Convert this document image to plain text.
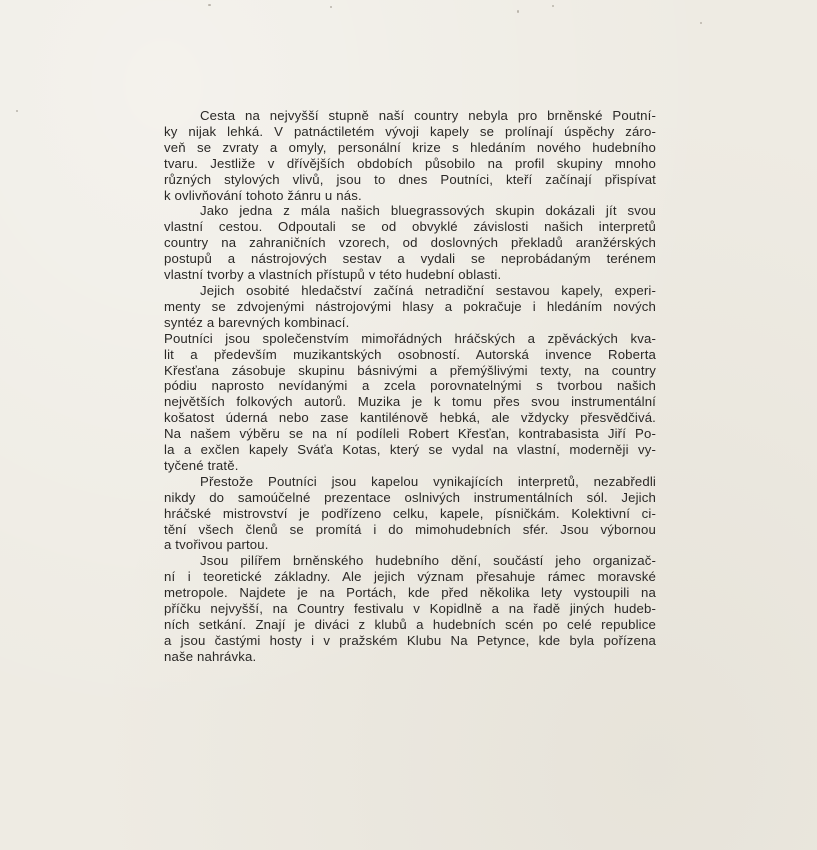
Cesta na nejvyšší stupně naší country nebyla pro brněnské Poutní-
ky nijak lehká. V patnáctiletém vývoji kapely se prolínají úspěchy záro-
veň se zvraty a omyly, personální krize s hledáním nového hudebního
tvaru. Jestliže v dřívějších obdobích působilo na profil skupiny mnoho
různých stylových vlivů, jsou to dnes Poutníci, kteří začínají přispívat
k ovlivňování tohoto žánru u nás.
Jako jedna z mála našich bluegrassových skupin dokázali jít svou
vlastní cestou. Odpoutali se od obvyklé závislosti našich interpretů
country na zahraničních vzorech, od doslovných překladů aranžérských
postupů a nástrojových sestav a vydali se neprobádaným terénem
vlastní tvorby a vlastních přístupů v této hudební oblasti.
Jejich osobité hledačství začíná netradiční sestavou kapely, experi-
menty se zdvojenými nástrojovými hlasy a pokračuje i hledáním nových
syntéz a barevných kombinací.
Poutníci jsou společenstvím mimořádných hráčských a zpěváckých kva-
lit a především muzikantských osobností. Autorská invence Roberta
Křesťana zásobuje skupinu básnivými a přemýšlivými texty, na country
pódiu naprosto nevídanými a zcela porovnatelnými s tvorbou našich
největších folkových autorů. Muzika je k tomu přes svou instrumentální
košatost úderná nebo zase kantilénově hebká, ale vždycky přesvědčivá.
Na našem výběru se na ní podíleli Robert Křesťan, kontrabasista Jiří Po-
la a exčlen kapely Sváťa Kotas, který se vydal na vlastní, moderněji vy-
tyčené tratě.
Přestože Poutníci jsou kapelou vynikajících interpretů, nezabředli
nikdy do samoúčelné prezentace oslnivých instrumentálních sól. Jejich
hráčské mistrovství je podřízeno celku, kapele, písničkám. Kolektivní ci-
tění všech členů se promítá i do mimohudebních sfér. Jsou výbornou
a tvořivou partou.
Jsou pilířem brněnského hudebního dění, součástí jeho organizač-
ní i teoretické základny. Ale jejich význam přesahuje rámec moravské
metropole. Najdete je na Portách, kde před několika lety vystoupili na
příčku nejvyšší, na Country festivalu v Kopidlně a na řadě jiných hudeb-
ních setkání. Znají je diváci z klubů a hudebních scén po celé republice
a jsou častými hosty i v pražském Klubu Na Petynce, kde byla pořízena
naše nahrávka.
